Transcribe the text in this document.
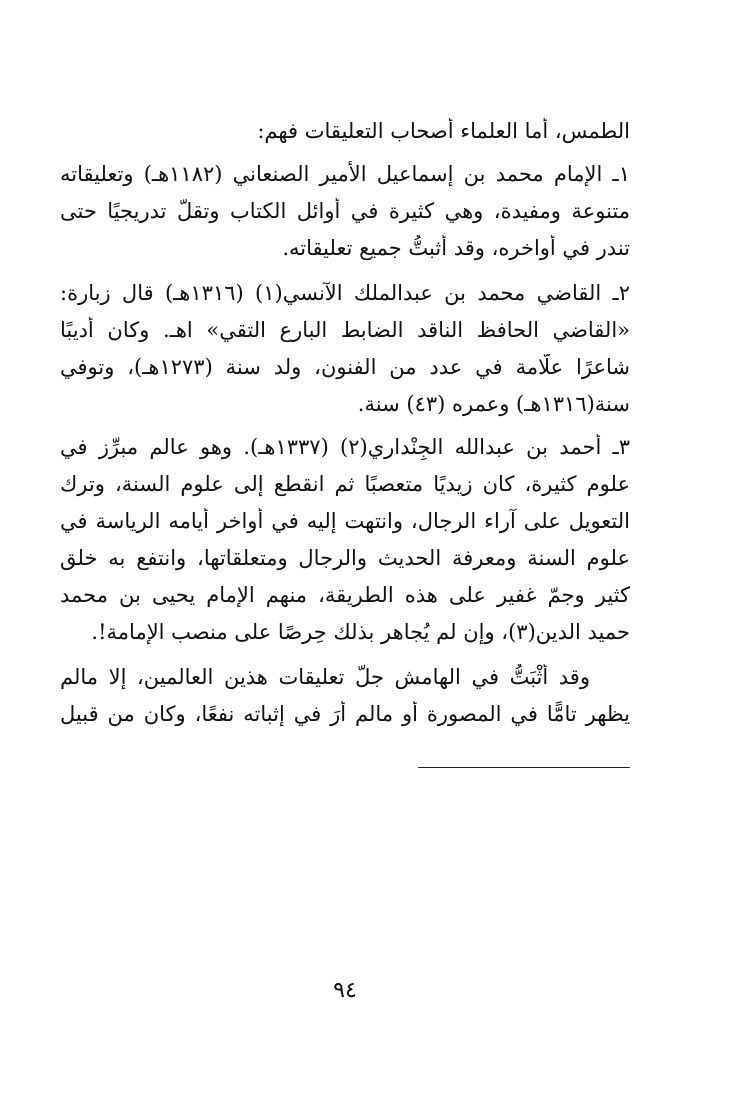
الطمس، أما العلماء أصحاب التعليقات فهم:
١ـ الإمام محمد بن إسماعيل الأمير الصنعاني (١١٨٢هـ) وتعليقاته
متنوعة ومفيدة، وهي كثيرة في أوائل الكتاب وتقلّ تدريجيًا حتى
تندر في أواخره، وقد أثبتُّ جميع تعليقاته.
٢ـ القاضي محمد بن عبدالملك الآنسي(١) (١٣١٦هـ) قال زبارة:
«القاضي الحافظ الناقد الضابط البارع التقي» اهـ. وكان أديبًا
شاعرًا علّامة في عدد من الفنون، ولد سنة (١٢٧٣هـ)، وتوفي
سنة(١٣١٦هـ) وعمره (٤٣) سنة.
٣ـ أحمد بن عبدالله الجِنْداري(٢) (١٣٣٧هـ). وهو عالم مبرِّز في
علوم كثيرة، كان زيديًا متعصبًا ثم انقطع إلى علوم السنة، وترك
التعويل على آراء الرجال، وانتهت إليه في أواخر أيامه الرياسة في
علوم السنة ومعرفة الحديث والرجال ومتعلقاتها، وانتفع به خلق
كثير وجمّ غفير على هذه الطريقة، منهم الإمام يحيى بن محمد
حميد الدين(٣)، وإن لم يُجاهر بذلك حِرصًا على منصب الإمامة!.
وقد أَثْبَتُّ في الهامش جلّ تعليقات هذين العالمين، إلا مالم
يظهر تامًّا في المصورة أو مالم أرَ في إثباته نفعًا، وكان من قبيل
٩٤
